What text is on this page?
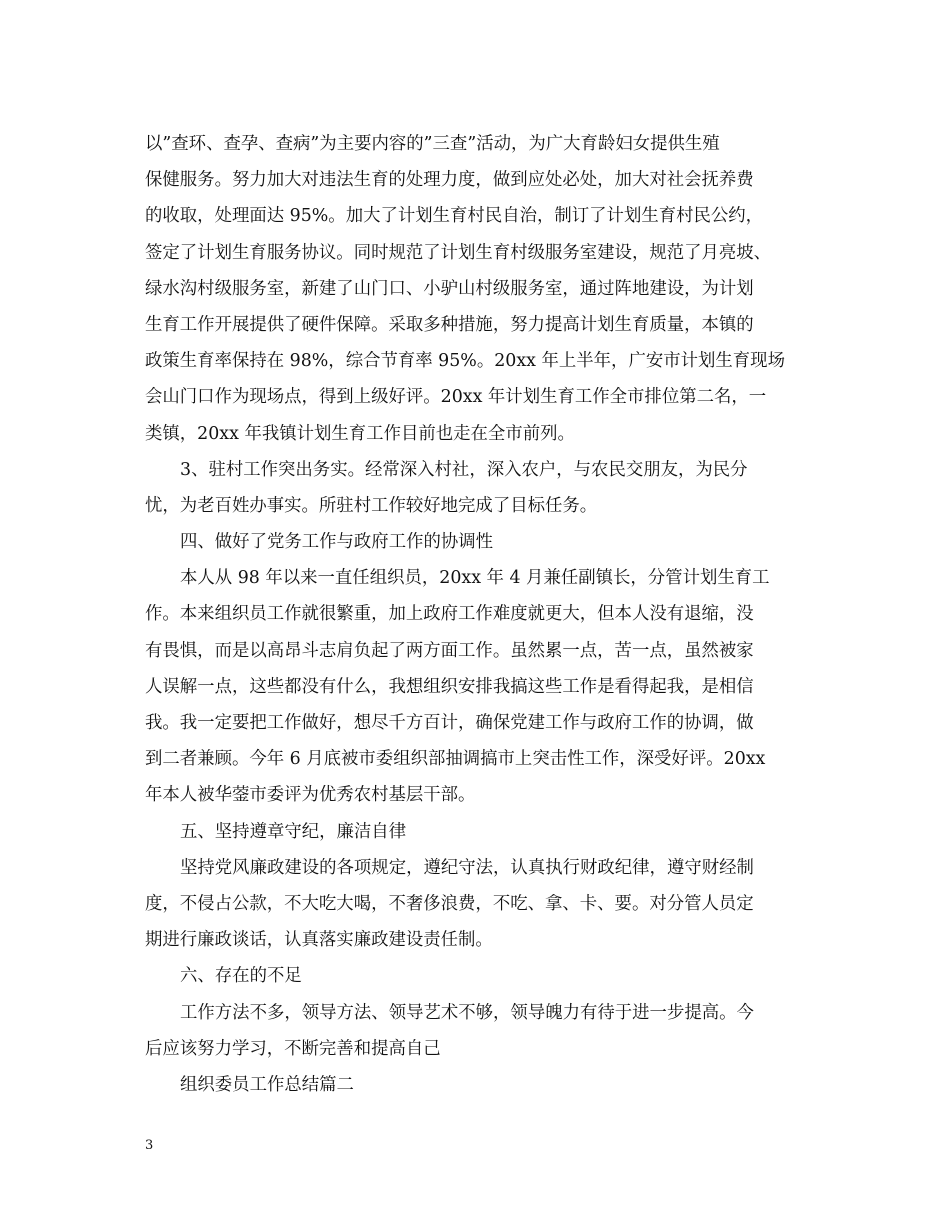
以”查环、查孕、查病”为主要内容的”三查”活动，为广大育龄妇女提供生殖
保健服务。努力加大对违法生育的处理力度，做到应处必处，加大对社会抚养费
的收取，处理面达 95%。加大了计划生育村民自治，制订了计划生育村民公约，
签定了计划生育服务协议。同时规范了计划生育村级服务室建设，规范了月亮坡、
绿水沟村级服务室，新建了山门口、小驴山村级服务室，通过阵地建设，为计划
生育工作开展提供了硬件保障。采取多种措施，努力提高计划生育质量，本镇的
政策生育率保持在 98%，综合节育率 95%。20xx 年上半年，广安市计划生育现场
会山门口作为现场点，得到上级好评。20xx 年计划生育工作全市排位第二名，一
类镇，20xx 年我镇计划生育工作目前也走在全市前列。
3、驻村工作突出务实。经常深入村社，深入农户，与农民交朋友，为民分
忧，为老百姓办事实。所驻村工作较好地完成了目标任务。
四、做好了党务工作与政府工作的协调性
本人从 98 年以来一直任组织员，20xx 年 4 月兼任副镇长，分管计划生育工
作。本来组织员工作就很繁重，加上政府工作难度就更大，但本人没有退缩，没
有畏惧，而是以高昂斗志肩负起了两方面工作。虽然累一点，苦一点，虽然被家
人误解一点，这些都没有什么，我想组织安排我搞这些工作是看得起我，是相信
我。我一定要把工作做好，想尽千方百计，确保党建工作与政府工作的协调，做
到二者兼顾。今年 6 月底被市委组织部抽调搞市上突击性工作，深受好评。20xx
年本人被华蓥市委评为优秀农村基层干部。
五、坚持遵章守纪，廉洁自律
坚持党风廉政建设的各项规定，遵纪守法，认真执行财政纪律，遵守财经制
度，不侵占公款，不大吃大喝，不奢侈浪费，不吃、拿、卡、要。对分管人员定
期进行廉政谈话，认真落实廉政建设责任制。
六、存在的不足
工作方法不多，领导方法、领导艺术不够，领导魄力有待于进一步提高。今
后应该努力学习，不断完善和提高自己
组织委员工作总结篇二
3
